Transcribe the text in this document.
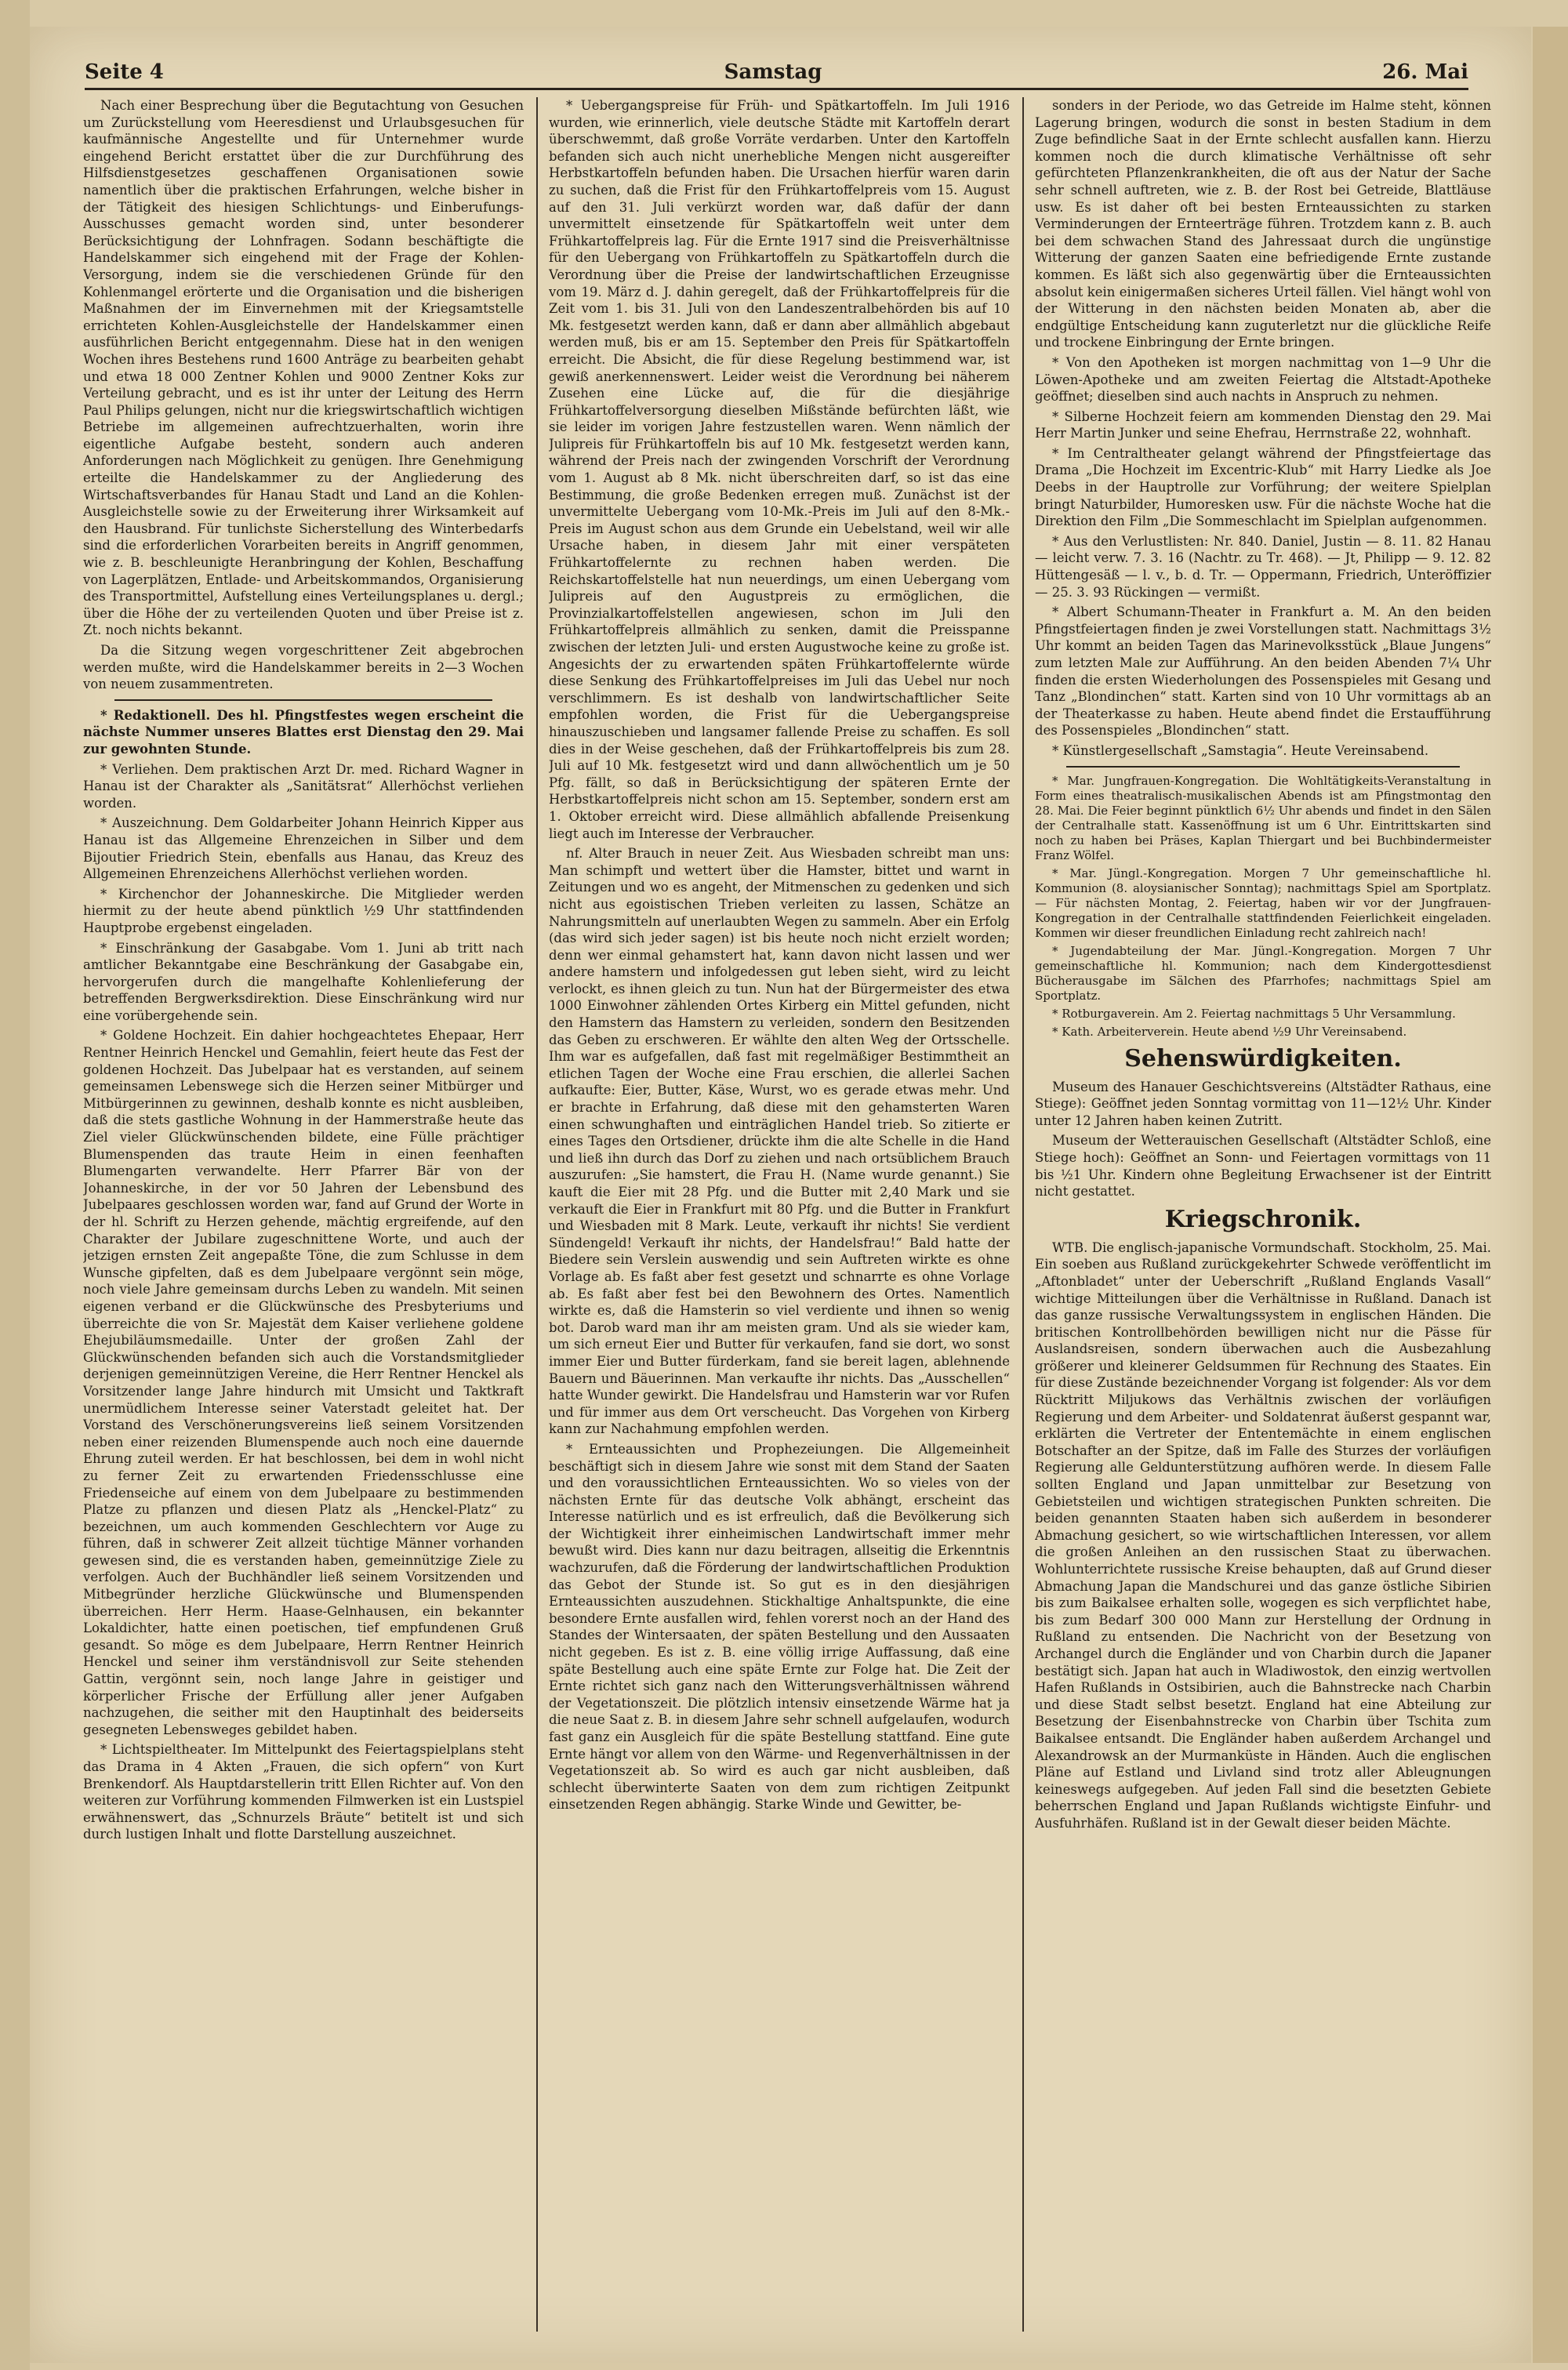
Seite 4	Samstag	26. Mai

Nach einer Besprechung über die Begutachtung von Gesuchen um Zurückstellung vom Heeresdienst und Urlaubsgesuchen für kaufmännische Angestellte und für Unternehmer wurde eingehend Bericht erstattet über die zur Durchführung des Hilfsdienstgesetzes geschaffenen Organisationen sowie namentlich über die praktischen Erfahrungen, welche bisher in der Tätigkeit des hiesigen Schlichtungs- und Einberufungs-Ausschusses gemacht worden sind, unter besonderer Berücksichtigung der Lohnfragen. Sodann beschäftigte die Handelskammer sich eingehend mit der Frage der Kohlen-Versorgung, indem sie die verschiedenen Gründe für den Kohlenmangel erörterte und die Organisation und die bisherigen Maßnahmen der im Einvernehmen mit der Kriegsamtstelle errichteten Kohlen-Ausgleichstelle der Handelskammer einen ausführlichen Bericht entgegennahm. Diese hat in den wenigen Wochen ihres Bestehens rund 1600 Anträge zu bearbeiten gehabt und etwa 18 000 Zentner Kohlen und 9000 Zentner Koks zur Verteilung gebracht, und es ist ihr unter der Leitung des Herrn Paul Philips gelungen, nicht nur die kriegswirtschaftlich wichtigen Betriebe im allgemeinen aufrechtzuerhalten, worin ihre eigentliche Aufgabe besteht, sondern auch anderen Anforderungen nach Möglichkeit zu genügen. Ihre Genehmigung erteilte die Handelskammer zu der Angliederung des Wirtschaftsverbandes für Hanau Stadt und Land an die Kohlen-Ausgleichstelle sowie zu der Erweiterung ihrer Wirksamkeit auf den Hausbrand. Für tunlichste Sicherstellung des Winterbedarfs sind die erforderlichen Vorarbeiten bereits in Angriff genommen, wie z. B. beschleunigte Heranbringung der Kohlen, Beschaffung von Lagerplätzen, Entlade- und Arbeitskommandos, Organisierung des Transportmittel, Aufstellung eines Verteilungsplanes u. dergl.; über die Höhe der zu verteilenden Quoten und über Preise ist z. Zt. noch nichts bekannt.

Da die Sitzung wegen vorgeschrittener Zeit abgebrochen werden mußte, wird die Handelskammer bereits in 2—3 Wochen von neuem zusammentreten.

* Redaktionell. Des hl. Pfingstfestes wegen erscheint die nächste Nummer unseres Blattes erst Dienstag den 29. Mai zur gewohnten Stunde.

* Verliehen. Dem praktischen Arzt Dr. med. Richard Wagner in Hanau ist der Charakter als „Sanitätsrat“ Allerhöchst verliehen worden.

* Auszeichnung. Dem Goldarbeiter Johann Heinrich Kipper aus Hanau ist das Allgemeine Ehrenzeichen in Silber und dem Bijoutier Friedrich Stein, ebenfalls aus Hanau, das Kreuz des Allgemeinen Ehrenzeichens Allerhöchst verliehen worden.

* Kirchenchor der Johanneskirche. Die Mitglieder werden hiermit zu der heute abend pünktlich ½9 Uhr stattfindenden Hauptprobe ergebenst eingeladen.

* Einschränkung der Gasabgabe. Vom 1. Juni ab tritt nach amtlicher Bekanntgabe eine Beschränkung der Gasabgabe ein, hervorgerufen durch die mangelhafte Kohlenlieferung der betreffenden Bergwerksdirektion. Diese Einschränkung wird nur eine vorübergehende sein.

* Goldene Hochzeit. Ein dahier hochgeachtetes Ehepaar, Herr Rentner Heinrich Henckel und Gemahlin, feiert heute das Fest der goldenen Hochzeit. Das Jubelpaar hat es verstanden, auf seinem gemeinsamen Lebenswege sich die Herzen seiner Mitbürger und Mitbürgerinnen zu gewinnen, deshalb konnte es nicht ausbleiben, daß die stets gastliche Wohnung in der Hammerstraße heute das Ziel vieler Glückwünschenden bildete, eine Fülle prächtiger Blumenspenden das traute Heim in einen feenhaften Blumengarten verwandelte. Herr Pfarrer Bär von der Johanneskirche, in der vor 50 Jahren der Lebensbund des Jubelpaares geschlossen worden war, fand auf Grund der Worte in der hl. Schrift zu Herzen gehende, mächtig ergreifende, auf den Charakter der Jubilare zugeschnittene Worte, und auch der jetzigen ernsten Zeit angepaßte Töne, die zum Schlusse in dem Wunsche gipfelten, daß es dem Jubelpaare vergönnt sein möge, noch viele Jahre gemeinsam durchs Leben zu wandeln. Mit seinen eigenen verband er die Glückwünsche des Presbyteriums und überreichte die von Sr. Majestät dem Kaiser verliehene goldene Ehejubiläumsmedaille. Unter der großen Zahl der Glückwünschenden befanden sich auch die Vorstandsmitglieder derjenigen gemeinnützigen Vereine, die Herr Rentner Henckel als Vorsitzender lange Jahre hindurch mit Umsicht und Taktkraft unermüdlichem Interesse seiner Vaterstadt geleitet hat. Der Vorstand des Verschönerungsvereins ließ seinem Vorsitzenden neben einer reizenden Blumenspende auch noch eine dauernde Ehrung zuteil werden. Er hat beschlossen, bei dem in wohl nicht zu ferner Zeit zu erwartenden Friedensschlusse eine Friedenseiche auf einem von dem Jubelpaare zu bestimmenden Platze zu pflanzen und diesen Platz als „Henckel-Platz“ zu bezeichnen, um auch kommenden Geschlechtern vor Auge zu führen, daß in schwerer Zeit allzeit tüchtige Männer vorhanden gewesen sind, die es verstanden haben, gemeinnützige Ziele zu verfolgen. Auch der Buchhändler ließ seinem Vorsitzenden und Mitbegründer herzliche Glückwünsche und Blumenspenden überreichen. Herr Herm. Haase-Gelnhausen, ein bekannter Lokaldichter, hatte einen poetischen, tief empfundenen Gruß gesandt. So möge es dem Jubelpaare, Herrn Rentner Heinrich Henckel und seiner ihm verständnisvoll zur Seite stehenden Gattin, vergönnt sein, noch lange Jahre in geistiger und körperlicher Frische der Erfüllung aller jener Aufgaben nachzugehen, die seither mit den Hauptinhalt des beiderseits gesegneten Lebensweges gebildet haben.

* Lichtspieltheater. Im Mittelpunkt des Feiertagspielplans steht das Drama in 4 Akten „Frauen, die sich opfern“ von Kurt Brenkendorf. Als Hauptdarstellerin tritt Ellen Richter auf. Von den weiteren zur Vorführung kommenden Filmwerken ist ein Lustspiel erwähnenswert, das „Schnurzels Bräute“ betitelt ist und sich durch lustigen Inhalt und flotte Darstellung auszeichnet.

* Uebergangspreise für Früh- und Spätkartoffeln. Im Juli 1916 wurden, wie erinnerlich, viele deutsche Städte mit Kartoffeln derart überschwemmt, daß große Vorräte verdarben. Unter den Kartoffeln befanden sich auch nicht unerhebliche Mengen nicht ausgereifter Herbstkartoffeln befunden haben. Die Ursachen hierfür waren darin zu suchen, daß die Frist für den Frühkartoffelpreis vom 15. August auf den 31. Juli verkürzt worden war, daß dafür der dann unvermittelt einsetzende für Spätkartoffeln weit unter dem Frühkartoffelpreis lag. Für die Ernte 1917 sind die Preisverhältnisse für den Uebergang von Frühkartoffeln zu Spätkartoffeln durch die Verordnung über die Preise der landwirtschaftlichen Erzeugnisse vom 19. März d. J. dahin geregelt, daß der Frühkartoffelpreis für die Zeit vom 1. bis 31. Juli von den Landeszentralbehörden bis auf 10 Mk. festgesetzt werden kann, daß er dann aber allmählich abgebaut werden muß, bis er am 15. September den Preis für Spätkartoffeln erreicht. Die Absicht, die für diese Regelung bestimmend war, ist gewiß anerkennenswert. Leider weist die Verordnung bei näherem Zusehen eine Lücke auf, die für die diesjährige Frühkartoffelversorgung dieselben Mißstände befürchten läßt, wie sie leider im vorigen Jahre festzustellen waren. Wenn nämlich der Julipreis für Frühkartoffeln bis auf 10 Mk. festgesetzt werden kann, während der Preis nach der zwingenden Vorschrift der Verordnung vom 1. August ab 8 Mk. nicht überschreiten darf, so ist das eine Bestimmung, die große Bedenken erregen muß. Zunächst ist der unvermittelte Uebergang vom 10-Mk.-Preis im Juli auf den 8-Mk.-Preis im August schon aus dem Grunde ein Uebelstand, weil wir alle Ursache haben, in diesem Jahr mit einer verspäteten Frühkartoffelernte zu rechnen haben werden. Die Reichskartoffelstelle hat nun neuerdings, um einen Uebergang vom Julipreis auf den Augustpreis zu ermöglichen, die Provinzialkartoffelstellen angewiesen, schon im Juli den Frühkartoffelpreis allmählich zu senken, damit die Preisspanne zwischen der letzten Juli- und ersten Augustwoche keine zu große ist. Angesichts der zu erwartenden späten Frühkartoffelernte würde diese Senkung des Frühkartoffelpreises im Juli das Uebel nur noch verschlimmern. Es ist deshalb von landwirtschaftlicher Seite empfohlen worden, die Frist für die Uebergangspreise hinauszuschieben und langsamer fallende Preise zu schaffen. Es soll dies in der Weise geschehen, daß der Frühkartoffelpreis bis zum 28. Juli auf 10 Mk. festgesetzt wird und dann allwöchentlich um je 50 Pfg. fällt, so daß in Berücksichtigung der späteren Ernte der Herbstkartoffelpreis nicht schon am 15. September, sondern erst am 1. Oktober erreicht wird. Diese allmählich abfallende Preisenkung liegt auch im Interesse der Verbraucher.

nf. Alter Brauch in neuer Zeit. Aus Wiesbaden schreibt man uns: Man schimpft und wettert über die Hamster, bittet und warnt in Zeitungen und wo es angeht, der Mitmenschen zu gedenken und sich nicht aus egoistischen Trieben verleiten zu lassen, Schätze an Nahrungsmitteln auf unerlaubten Wegen zu sammeln. Aber ein Erfolg (das wird sich jeder sagen) ist bis heute noch nicht erzielt worden; denn wer einmal gehamstert hat, kann davon nicht lassen und wer andere hamstern und infolgedessen gut leben sieht, wird zu leicht verlockt, es ihnen gleich zu tun. Nun hat der Bürgermeister des etwa 1000 Einwohner zählenden Ortes Kirberg ein Mittel gefunden, nicht den Hamstern das Hamstern zu verleiden, sondern den Besitzenden das Geben zu erschweren. Er wählte den alten Weg der Ortsschelle. Ihm war es aufgefallen, daß fast mit regelmäßiger Bestimmtheit an etlichen Tagen der Woche eine Frau erschien, die allerlei Sachen aufkaufte: Eier, Butter, Käse, Wurst, wo es gerade etwas mehr. Und er brachte in Erfahrung, daß diese mit den gehamsterten Waren einen schwunghaften und einträglichen Handel trieb. So zitierte er eines Tages den Ortsdiener, drückte ihm die alte Schelle in die Hand und ließ ihn durch das Dorf zu ziehen und nach ortsüblichem Brauch auszurufen: „Sie hamstert, die Frau H. (Name wurde genannt.) Sie kauft die Eier mit 28 Pfg. und die Butter mit 2,40 Mark und sie verkauft die Eier in Frankfurt mit 80 Pfg. und die Butter in Frankfurt und Wiesbaden mit 8 Mark. Leute, verkauft ihr nichts! Sie verdient Sündengeld! Verkauft ihr nichts, der Handelsfrau!“ Bald hatte der Biedere sein Verslein auswendig und sein Auftreten wirkte es ohne Vorlage ab. Es faßt aber fest gesetzt und schnarrte es ohne Vorlage ab. Es faßt aber fest bei den Bewohnern des Ortes. Namentlich wirkte es, daß die Hamsterin so viel verdiente und ihnen so wenig bot. Darob ward man ihr am meisten gram. Und als sie wieder kam, um sich erneut Eier und Butter für verkaufen, fand sie dort, wo sonst immer Eier und Butter fürderkam, fand sie bereit lagen, ablehnende Bauern und Bäuerinnen. Man verkaufte ihr nichts. Das „Ausschellen“ hatte Wunder gewirkt. Die Handelsfrau und Hamsterin war vor Rufen und für immer aus dem Ort verscheucht. Das Vorgehen von Kirberg kann zur Nachahmung empfohlen werden.

* Ernteaussichten und Prophezeiungen. Die Allgemeinheit beschäftigt sich in diesem Jahre wie sonst mit dem Stand der Saaten und den voraussichtlichen Ernteaussichten. Wo so vieles von der nächsten Ernte für das deutsche Volk abhängt, erscheint das Interesse natürlich und es ist erfreulich, daß die Bevölkerung sich der Wichtigkeit ihrer einheimischen Landwirtschaft immer mehr bewußt wird. Dies kann nur dazu beitragen, allseitig die Erkenntnis wachzurufen, daß die Förderung der landwirtschaftlichen Produktion das Gebot der Stunde ist. So gut es in den diesjährigen Ernteaussichten auszudehnen. Stickhaltige Anhaltspunkte, die eine besondere Ernte ausfallen wird, fehlen vorerst noch an der Hand des Standes der Wintersaaten, der späten Bestellung und den Aussaaten nicht gegeben. Es ist z. B. eine völlig irrige Auffassung, daß eine späte Bestellung auch eine späte Ernte zur Folge hat. Die Zeit der Ernte richtet sich ganz nach den Witterungsverhältnissen während der Vegetationszeit. Die plötzlich intensiv einsetzende Wärme hat ja die neue Saat z. B. in diesem Jahre sehr schnell aufgelaufen, wodurch fast ganz ein Ausgleich für die späte Bestellung stattfand. Eine gute Ernte hängt vor allem von den Wärme- und Regenverhältnissen in der Vegetationszeit ab. So wird es auch gar nicht ausbleiben, daß schlecht überwinterte Saaten von dem zum richtigen Zeitpunkt einsetzenden Regen abhängig. Starke Winde und Gewitter, be-

sonders in der Periode, wo das Getreide im Halme steht, können Lagerung bringen, wodurch die sonst in besten Stadium in dem Zuge befindliche Saat in der Ernte schlecht ausfallen kann. Hierzu kommen noch die durch klimatische Verhältnisse oft sehr gefürchteten Pflanzenkrankheiten, die oft aus der Natur der Sache sehr schnell auftreten, wie z. B. der Rost bei Getreide, Blattläuse usw. Es ist daher oft bei besten Ernteaussichten zu starken Verminderungen der Ernteerträge führen. Trotzdem kann z. B. auch bei dem schwachen Stand des Jahressaat durch die ungünstige Witterung der ganzen Saaten eine befriedigende Ernte zustande kommen. Es läßt sich also gegenwärtig über die Ernteaussichten absolut kein einigermaßen sicheres Urteil fällen. Viel hängt wohl von der Witterung in den nächsten beiden Monaten ab, aber die endgültige Entscheidung kann zuguterletzt nur die glückliche Reife und trockene Einbringung der Ernte bringen.

* Von den Apotheken ist morgen nachmittag von 1—9 Uhr die Löwen-Apotheke und am zweiten Feiertag die Altstadt-Apotheke geöffnet; dieselben sind auch nachts in Anspruch zu nehmen.

* Silberne Hochzeit feiern am kommenden Dienstag den 29. Mai Herr Martin Junker und seine Ehefrau, Herrnstraße 22, wohnhaft.

* Im Centraltheater gelangt während der Pfingstfeiertage das Drama „Die Hochzeit im Excentric-Klub“ mit Harry Liedke als Joe Deebs in der Hauptrolle zur Vorführung; der weitere Spielplan bringt Naturbilder, Humoresken usw. Für die nächste Woche hat die Direktion den Film „Die Sommeschlacht im Spielplan aufgenommen.

* Aus den Verlustlisten: Nr. 840. Daniel, Justin — 8. 11. 82 Hanau — leicht verw. 7. 3. 16 (Nachtr. zu Tr. 468). — Jt, Philipp — 9. 12. 82 Hüttengesäß — l. v., b. d. Tr. — Oppermann, Friedrich, Unteröffizier — 25. 3. 93 Rückingen — vermißt.

* Albert Schumann-Theater in Frankfurt a. M. An den beiden Pfingstfeiertagen finden je zwei Vorstellungen statt. Nachmittags 3½ Uhr kommt an beiden Tagen das Marinevolksstück „Blaue Jungens“ zum letzten Male zur Aufführung. An den beiden Abenden 7¼ Uhr finden die ersten Wiederholungen des Possenspieles mit Gesang und Tanz „Blondinchen“ statt. Karten sind von 10 Uhr vormittags ab an der Theaterkasse zu haben. Heute abend findet die Erstaufführung des Possenspieles „Blondinchen“ statt.

* Künstlergesellschaft „Samstagia“. Heute Vereinsabend.

* Mar. Jungfrauen-Kongregation. Die Wohltätigkeits-Veranstaltung in Form eines theatralisch-musikalischen Abends ist am Pfingstmontag den 28. Mai. Die Feier beginnt pünktlich 6½ Uhr abends und findet in den Sälen der Centralhalle statt. Kassenöffnung ist um 6 Uhr. Eintrittskarten sind noch zu haben bei Präses, Kaplan Thiergart und bei Buchbindermeister Franz Wölfel.

* Mar. Jüngl.-Kongregation. Morgen 7 Uhr gemeinschaftliche hl. Kommunion (8. aloysianischer Sonntag); nachmittags Spiel am Sportplatz. — Für nächsten Montag, 2. Feiertag, haben wir vor der Jungfrauen-Kongregation in der Centralhalle stattfindenden Feierlichkeit eingeladen. Kommen wir dieser freundlichen Einladung recht zahlreich nach!

* Jugendabteilung der Mar. Jüngl.-Kongregation. Morgen 7 Uhr gemeinschaftliche hl. Kommunion; nach dem Kindergottesdienst Bücherausgabe im Sälchen des Pfarrhofes; nachmittags Spiel am Sportplatz.

* Rotburgaverein. Am 2. Feiertag nachmittags 5 Uhr Versammlung.

* Kath. Arbeiterverein. Heute abend ½9 Uhr Vereinsabend.

Sehenswürdigkeiten.

Museum des Hanauer Geschichtsvereins (Altstädter Rathaus, eine Stiege): Geöffnet jeden Sonntag vormittag von 11—12½ Uhr. Kinder unter 12 Jahren haben keinen Zutritt.

Museum der Wetterauischen Gesellschaft (Altstädter Schloß, eine Stiege hoch): Geöffnet an Sonn- und Feiertagen vormittags von 11 bis ½1 Uhr. Kindern ohne Begleitung Erwachsener ist der Eintritt nicht gestattet.

Kriegschronik.

WTB. Die englisch-japanische Vormundschaft. Stockholm, 25. Mai. Ein soeben aus Rußland zurückgekehrter Schwede veröffentlicht im „Aftonbladet“ unter der Ueberschrift „Rußland Englands Vasall“ wichtige Mitteilungen über die Verhältnisse in Rußland. Danach ist das ganze russische Verwaltungssystem in englischen Händen. Die britischen Kontrollbehörden bewilligen nicht nur die Pässe für Auslandsreisen, sondern überwachen auch die Ausbezahlung größerer und kleinerer Geldsummen für Rechnung des Staates. Ein für diese Zustände bezeichnender Vorgang ist folgender: Als vor dem Rücktritt Miljukows das Verhältnis zwischen der vorläufigen Regierung und dem Arbeiter- und Soldatenrat äußerst gespannt war, erklärten die Vertreter der Ententemächte in einem englischen Botschafter an der Spitze, daß im Falle des Sturzes der vorläufigen Regierung alle Geldunterstützung aufhören werde. In diesem Falle sollten England und Japan unmittelbar zur Besetzung von Gebietsteilen und wichtigen strategischen Punkten schreiten. Die beiden genannten Staaten haben sich außerdem in besonderer Abmachung gesichert, so wie wirtschaftlichen Interessen, vor allem die großen Anleihen an den russischen Staat zu überwachen. Wohlunterrichtete russische Kreise behaupten, daß auf Grund dieser Abmachung Japan die Mandschurei und das ganze östliche Sibirien bis zum Baikalsee erhalten solle, wogegen es sich verpflichtet habe, bis zum Bedarf 300 000 Mann zur Herstellung der Ordnung in Rußland zu entsenden. Die Nachricht von der Besetzung von Archangel durch die Engländer und von Charbin durch die Japaner bestätigt sich. Japan hat auch in Wladiwostok, den einzig wertvollen Hafen Rußlands in Ostsibirien, auch die Bahnstrecke nach Charbin und diese Stadt selbst besetzt. England hat eine Abteilung zur Besetzung der Eisenbahnstrecke von Charbin über Tschita zum Baikalsee entsandt. Die Engländer haben außerdem Archangel und Alexandrowsk an der Murmanküste in Händen. Auch die englischen Pläne auf Estland und Livland sind trotz aller Ableugnungen keineswegs aufgegeben. Auf jeden Fall sind die besetzten Gebiete beherrschen England und Japan Rußlands wichtigste Einfuhr- und Ausfuhrhäfen. Rußland ist in der Gewalt dieser beiden Mächte.
